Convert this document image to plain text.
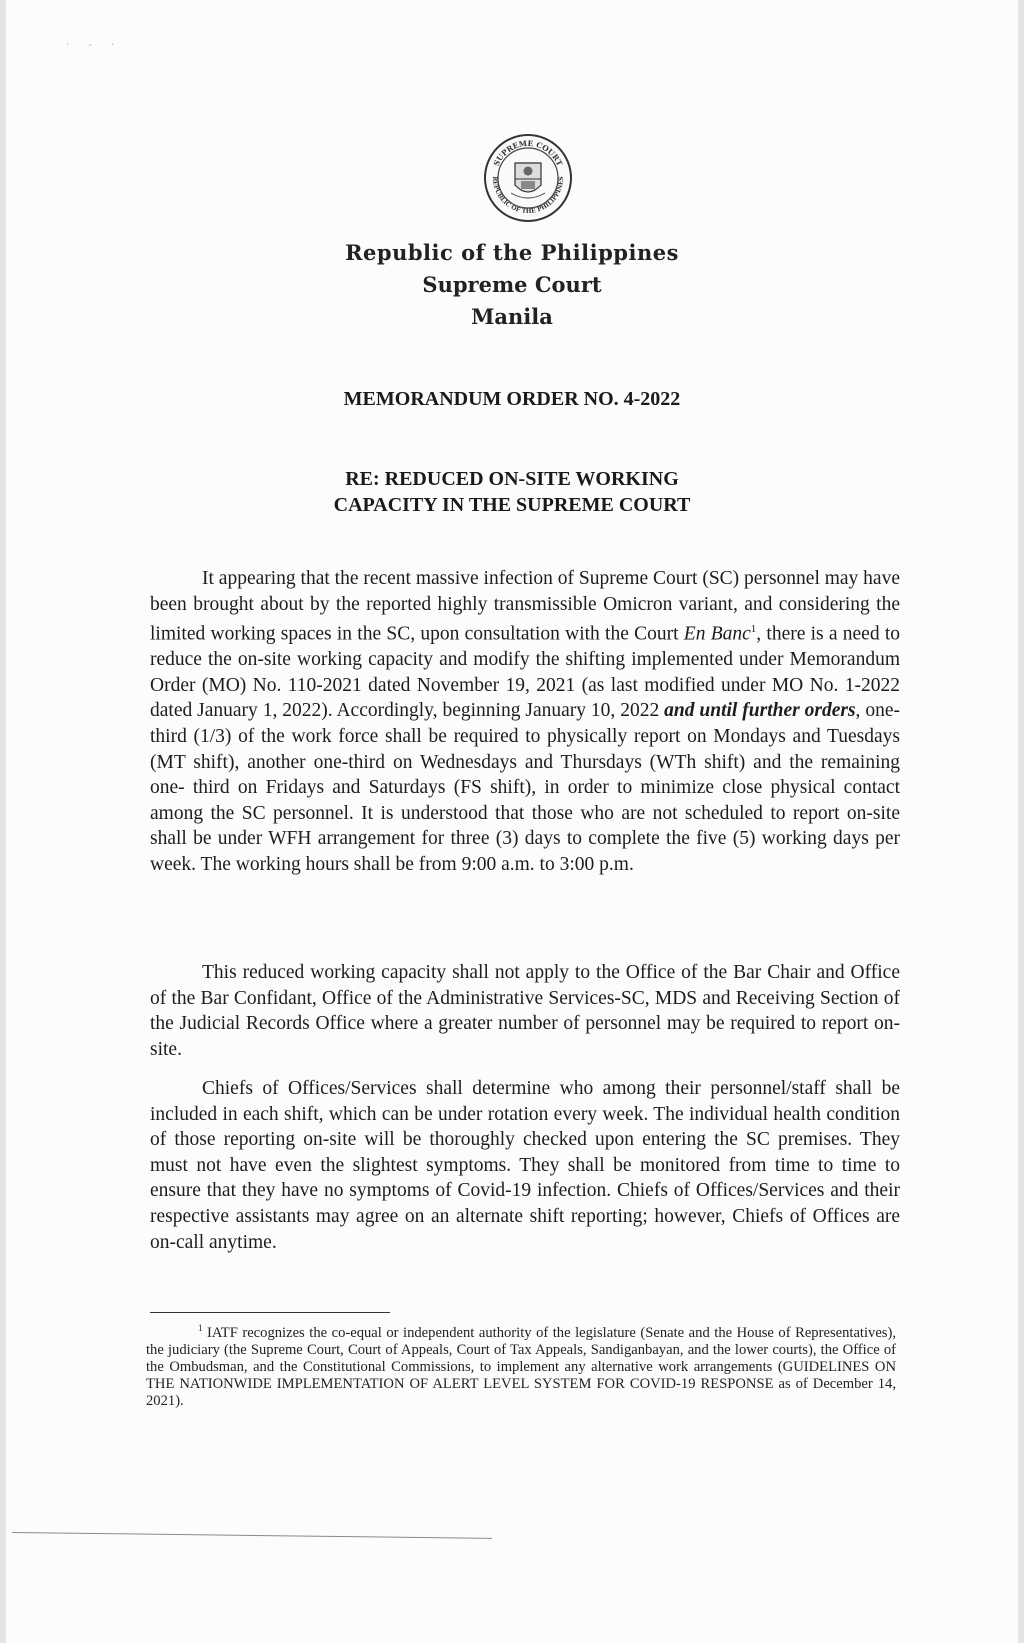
· - ·
SUPREME COURT
REPUBLIC OF THE PHILIPPINES
Republic of the Philippines
Supreme Court
Manila
MEMORANDUM ORDER NO. 4-2022
RE: REDUCED ON-SITE WORKING
CAPACITY IN THE SUPREME COURT
It appearing that the recent massive infection of Supreme Court (SC) personnel may have been brought about by the reported highly transmissible Omicron variant, and considering the limited working spaces in the SC, upon consultation with the Court En Banc$^1$, there is a need to reduce the on-site working capacity and modify the shifting implemented under Memorandum Order (MO) No. 110-2021 dated November 19, 2021 (as last modified under MO No. 1-2022 dated January 1, 2022). Accordingly, beginning January 10, 2022 and until further orders, one-third (1/3) of the work force shall be required to physically report on Mondays and Tuesdays (MT shift), another one-third on Wednesdays and Thursdays (WTh shift) and the remaining one- third on Fridays and Saturdays (FS shift), in order to minimize close physical contact among the SC personnel. It is understood that those who are not scheduled to report on-site shall be under WFH arrangement for three (3) days to complete the five (5) working days per week. The working hours shall be from 9:00 a.m. to 3:00 p.m.
This reduced working capacity shall not apply to the Office of the Bar Chair and Office of the Bar Confidant, Office of the Administrative Services-SC, MDS and Receiving Section of the Judicial Records Office where a greater number of personnel may be required to report on-site.
Chiefs of Offices/Services shall determine who among their personnel/staff shall be included in each shift, which can be under rotation every week. The individual health condition of those reporting on-site will be thoroughly checked upon entering the SC premises. They must not have even the slightest symptoms. They shall be monitored from time to time to ensure that they have no symptoms of Covid-19 infection. Chiefs of Offices/Services and their respective assistants may agree on an alternate shift reporting; however, Chiefs of Offices are on-call anytime.
$^1$ IATF recognizes the co-equal or independent authority of the legislature (Senate and the House of Representatives), the judiciary (the Supreme Court, Court of Appeals, Court of Tax Appeals, Sandiganbayan, and the lower courts), the Office of the Ombudsman, and the Constitutional Commissions, to implement any alternative work arrangements (GUIDELINES ON THE NATIONWIDE IMPLEMENTATION OF ALERT LEVEL SYSTEM FOR COVID-19 RESPONSE as of December 14, 2021).
